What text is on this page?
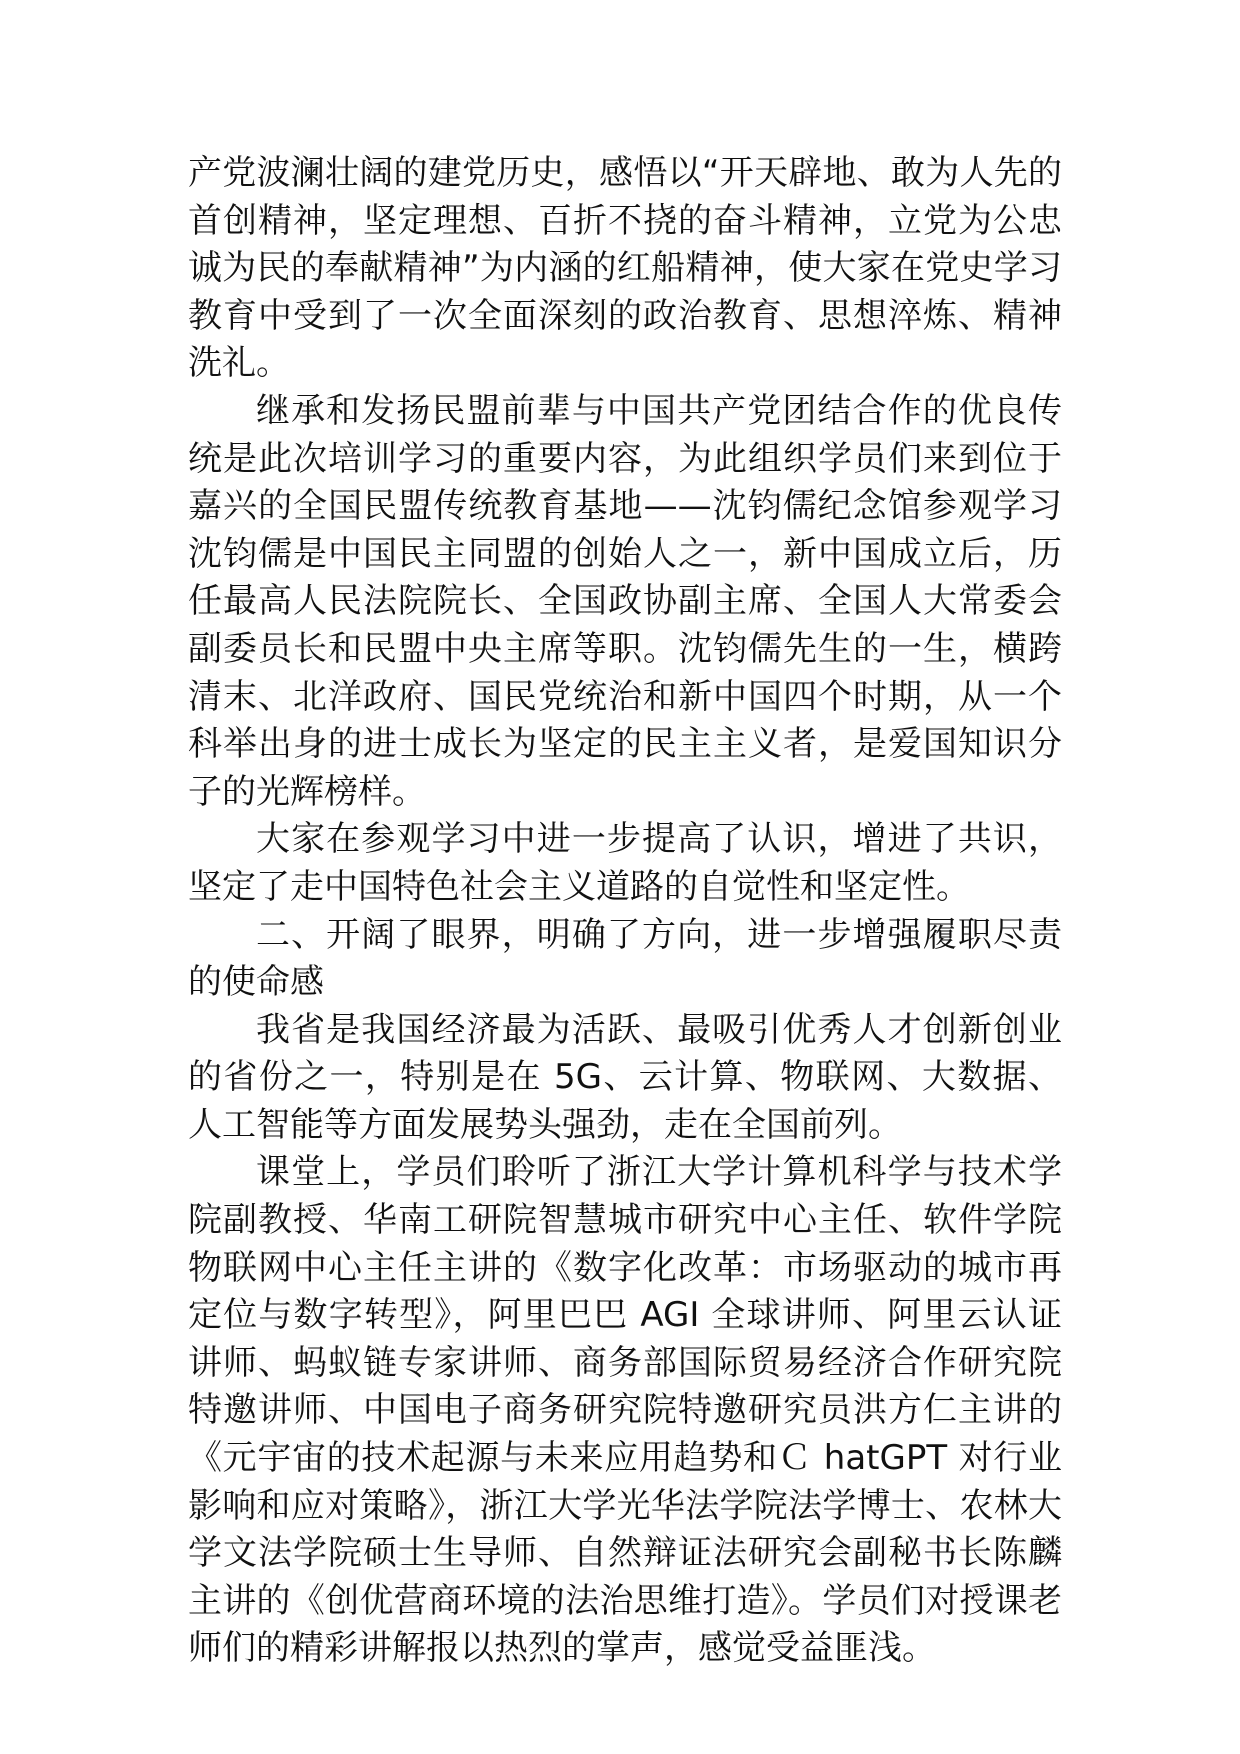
产党波澜壮阔的建党历史，感悟以“开天辟地、敢为人先的首创精神，坚定理想、百折不挠的奋斗精神，立党为公忠诚为民的奉献精神”为内涵的红船精神，使大家在党史学习教育中受到了一次全面深刻的政治教育、思想淬炼、精神洗礼。

继承和发扬民盟前辈与中国共产党团结合作的优良传统是此次培训学习的重要内容，为此组织学员们来到位于嘉兴的全国民盟传统教育基地——沈钧儒纪念馆参观学习沈钧儒是中国民主同盟的创始人之一，新中国成立后，历任最高人民法院院长、全国政协副主席、全国人大常委会副委员长和民盟中央主席等职。沈钧儒先生的一生，横跨清末、北洋政府、国民党统治和新中国四个时期，从一个科举出身的进士成长为坚定的民主主义者，是爱国知识分子的光辉榜样。

大家在参观学习中进一步提高了认识，增进了共识，坚定了走中国特色社会主义道路的自觉性和坚定性。

二、开阔了眼界，明确了方向，进一步增强履职尽责的使命感

我省是我国经济最为活跃、最吸引优秀人才创新创业的省份之一，特别是在 5G、云计算、物联网、大数据、人工智能等方面发展势头强劲，走在全国前列。

课堂上，学员们聆听了浙江大学计算机科学与技术学院副教授、华南工研院智慧城市研究中心主任、软件学院物联网中心主任主讲的《数字化改革：市场驱动的城市再定位与数字转型》，阿里巴巴 AGI 全球讲师、阿里云认证讲师、蚂蚁链专家讲师、商务部国际贸易经济合作研究院特邀讲师、中国电子商务研究院特邀研究员洪方仁主讲的《元宇宙的技术起源与未来应用趋势和Ｃ hatGPT 对行业影响和应对策略》，浙江大学光华法学院法学博士、农林大学文法学院硕士生导师、自然辩证法研究会副秘书长陈麟主讲的《创优营商环境的法治思维打造》。学员们对授课老师们的精彩讲解报以热烈的掌声，感觉受益匪浅。
